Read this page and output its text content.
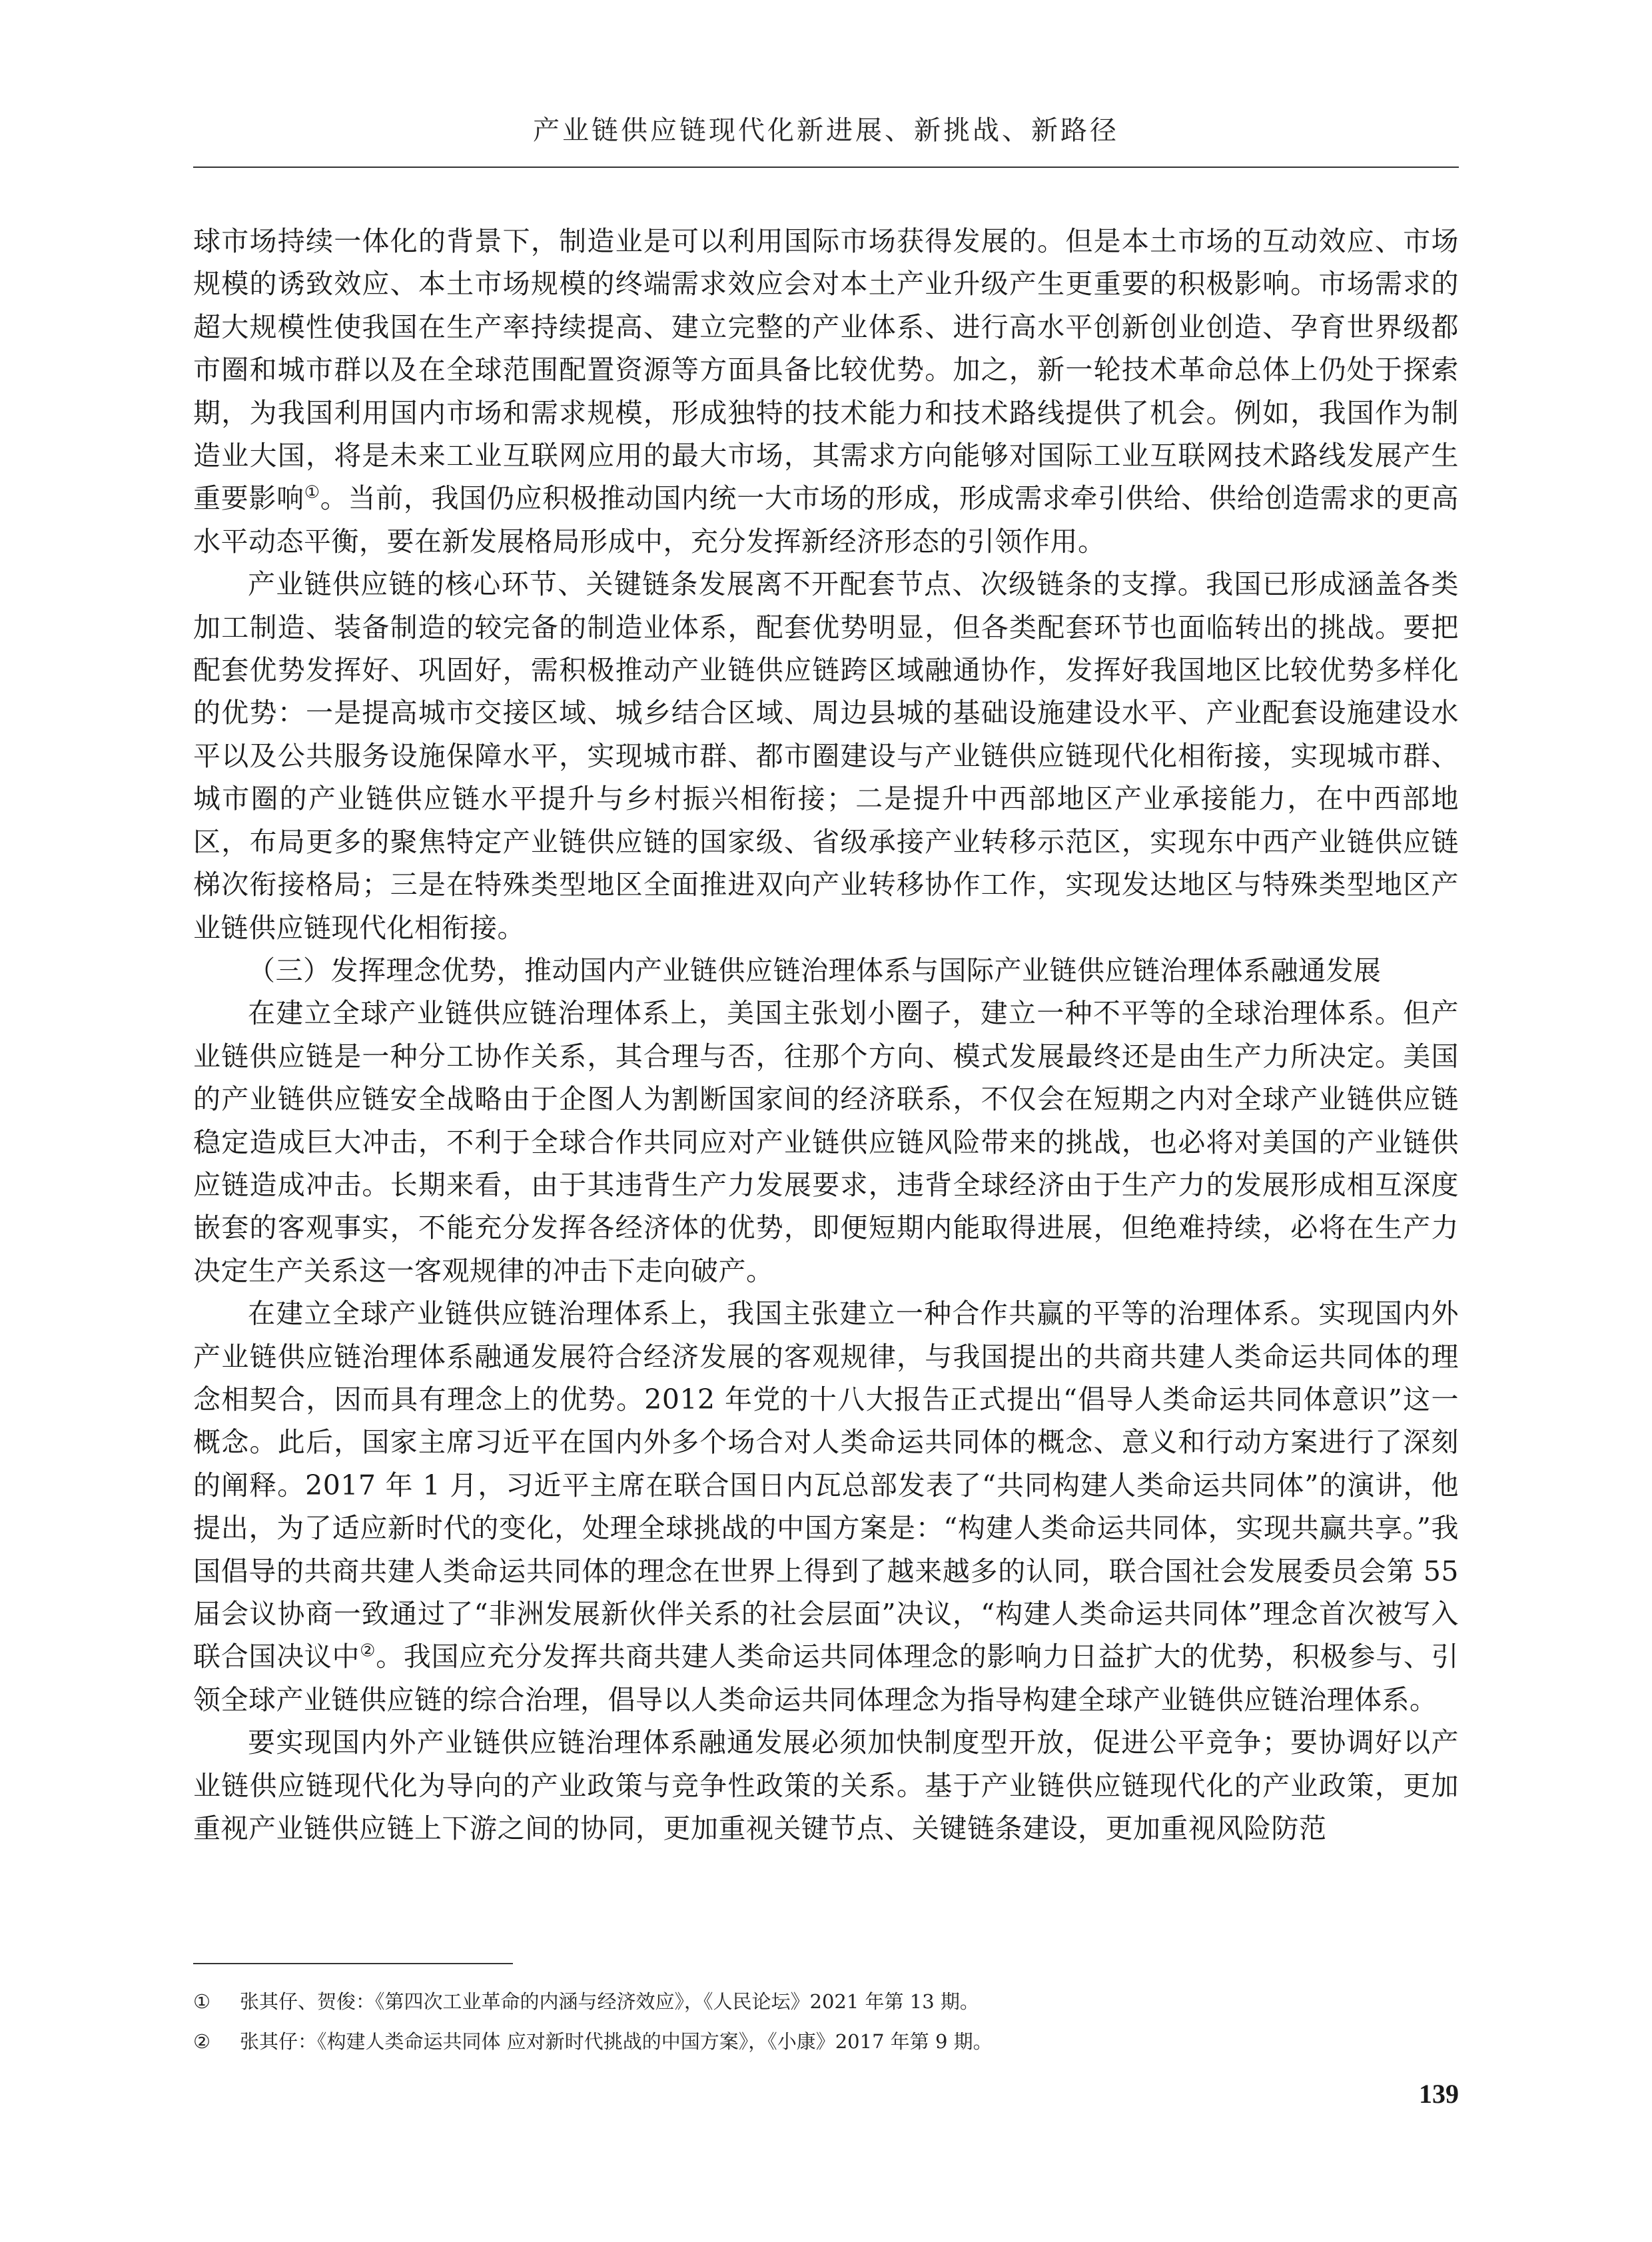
产业链供应链现代化新进展、新挑战、新路径

球市场持续一体化的背景下，制造业是可以利用国际市场获得发展的。但是本土市场的互动效应、市场规模的诱致效应、本土市场规模的终端需求效应会对本土产业升级产生更重要的积极影响。市场需求的超大规模性使我国在生产率持续提高、建立完整的产业体系、进行高水平创新创业创造、孕育世界级都市圈和城市群以及在全球范围配置资源等方面具备比较优势。加之，新一轮技术革命总体上仍处于探索期，为我国利用国内市场和需求规模，形成独特的技术能力和技术路线提供了机会。例如，我国作为制造业大国，将是未来工业互联网应用的最大市场，其需求方向能够对国际工业互联网技术路线发展产生重要影响①。当前，我国仍应积极推动国内统一大市场的形成，形成需求牵引供给、供给创造需求的更高水平动态平衡，要在新发展格局形成中，充分发挥新经济形态的引领作用。

产业链供应链的核心环节、关键链条发展离不开配套节点、次级链条的支撑。我国已形成涵盖各类加工制造、装备制造的较完备的制造业体系，配套优势明显，但各类配套环节也面临转出的挑战。要把配套优势发挥好、巩固好，需积极推动产业链供应链跨区域融通协作，发挥好我国地区比较优势多样化的优势：一是提高城市交接区域、城乡结合区域、周边县城的基础设施建设水平、产业配套设施建设水平以及公共服务设施保障水平，实现城市群、都市圈建设与产业链供应链现代化相衔接，实现城市群、城市圈的产业链供应链水平提升与乡村振兴相衔接；二是提升中西部地区产业承接能力，在中西部地区，布局更多的聚焦特定产业链供应链的国家级、省级承接产业转移示范区，实现东中西产业链供应链梯次衔接格局；三是在特殊类型地区全面推进双向产业转移协作工作，实现发达地区与特殊类型地区产业链供应链现代化相衔接。

（三）发挥理念优势，推动国内产业链供应链治理体系与国际产业链供应链治理体系融通发展

在建立全球产业链供应链治理体系上，美国主张划小圈子，建立一种不平等的全球治理体系。但产业链供应链是一种分工协作关系，其合理与否，往那个方向、模式发展最终还是由生产力所决定。美国的产业链供应链安全战略由于企图人为割断国家间的经济联系，不仅会在短期之内对全球产业链供应链稳定造成巨大冲击，不利于全球合作共同应对产业链供应链风险带来的挑战，也必将对美国的产业链供应链造成冲击。长期来看，由于其违背生产力发展要求，违背全球经济由于生产力的发展形成相互深度嵌套的客观事实，不能充分发挥各经济体的优势，即便短期内能取得进展，但绝难持续，必将在生产力决定生产关系这一客观规律的冲击下走向破产。

在建立全球产业链供应链治理体系上，我国主张建立一种合作共赢的平等的治理体系。实现国内外产业链供应链治理体系融通发展符合经济发展的客观规律，与我国提出的共商共建人类命运共同体的理念相契合，因而具有理念上的优势。2012 年党的十八大报告正式提出“倡导人类命运共同体意识”这一概念。此后，国家主席习近平在国内外多个场合对人类命运共同体的概念、意义和行动方案进行了深刻的阐释。2017 年 1 月，习近平主席在联合国日内瓦总部发表了“共同构建人类命运共同体”的演讲，他提出，为了适应新时代的变化，处理全球挑战的中国方案是：“构建人类命运共同体，实现共赢共享。”我国倡导的共商共建人类命运共同体的理念在世界上得到了越来越多的认同，联合国社会发展委员会第 55 届会议协商一致通过了“非洲发展新伙伴关系的社会层面”决议，“构建人类命运共同体”理念首次被写入联合国决议中②。我国应充分发挥共商共建人类命运共同体理念的影响力日益扩大的优势，积极参与、引领全球产业链供应链的综合治理，倡导以人类命运共同体理念为指导构建全球产业链供应链治理体系。

要实现国内外产业链供应链治理体系融通发展必须加快制度型开放，促进公平竞争；要协调好以产业链供应链现代化为导向的产业政策与竞争性政策的关系。基于产业链供应链现代化的产业政策，更加重视产业链供应链上下游之间的协同，更加重视关键节点、关键链条建设，更加重视风险防范

①	张其仔、贺俊：《第四次工业革命的内涵与经济效应》，《人民论坛》2021 年第 13 期。
②	张其仔：《构建人类命运共同体 应对新时代挑战的中国方案》，《小康》2017 年第 9 期。
139
